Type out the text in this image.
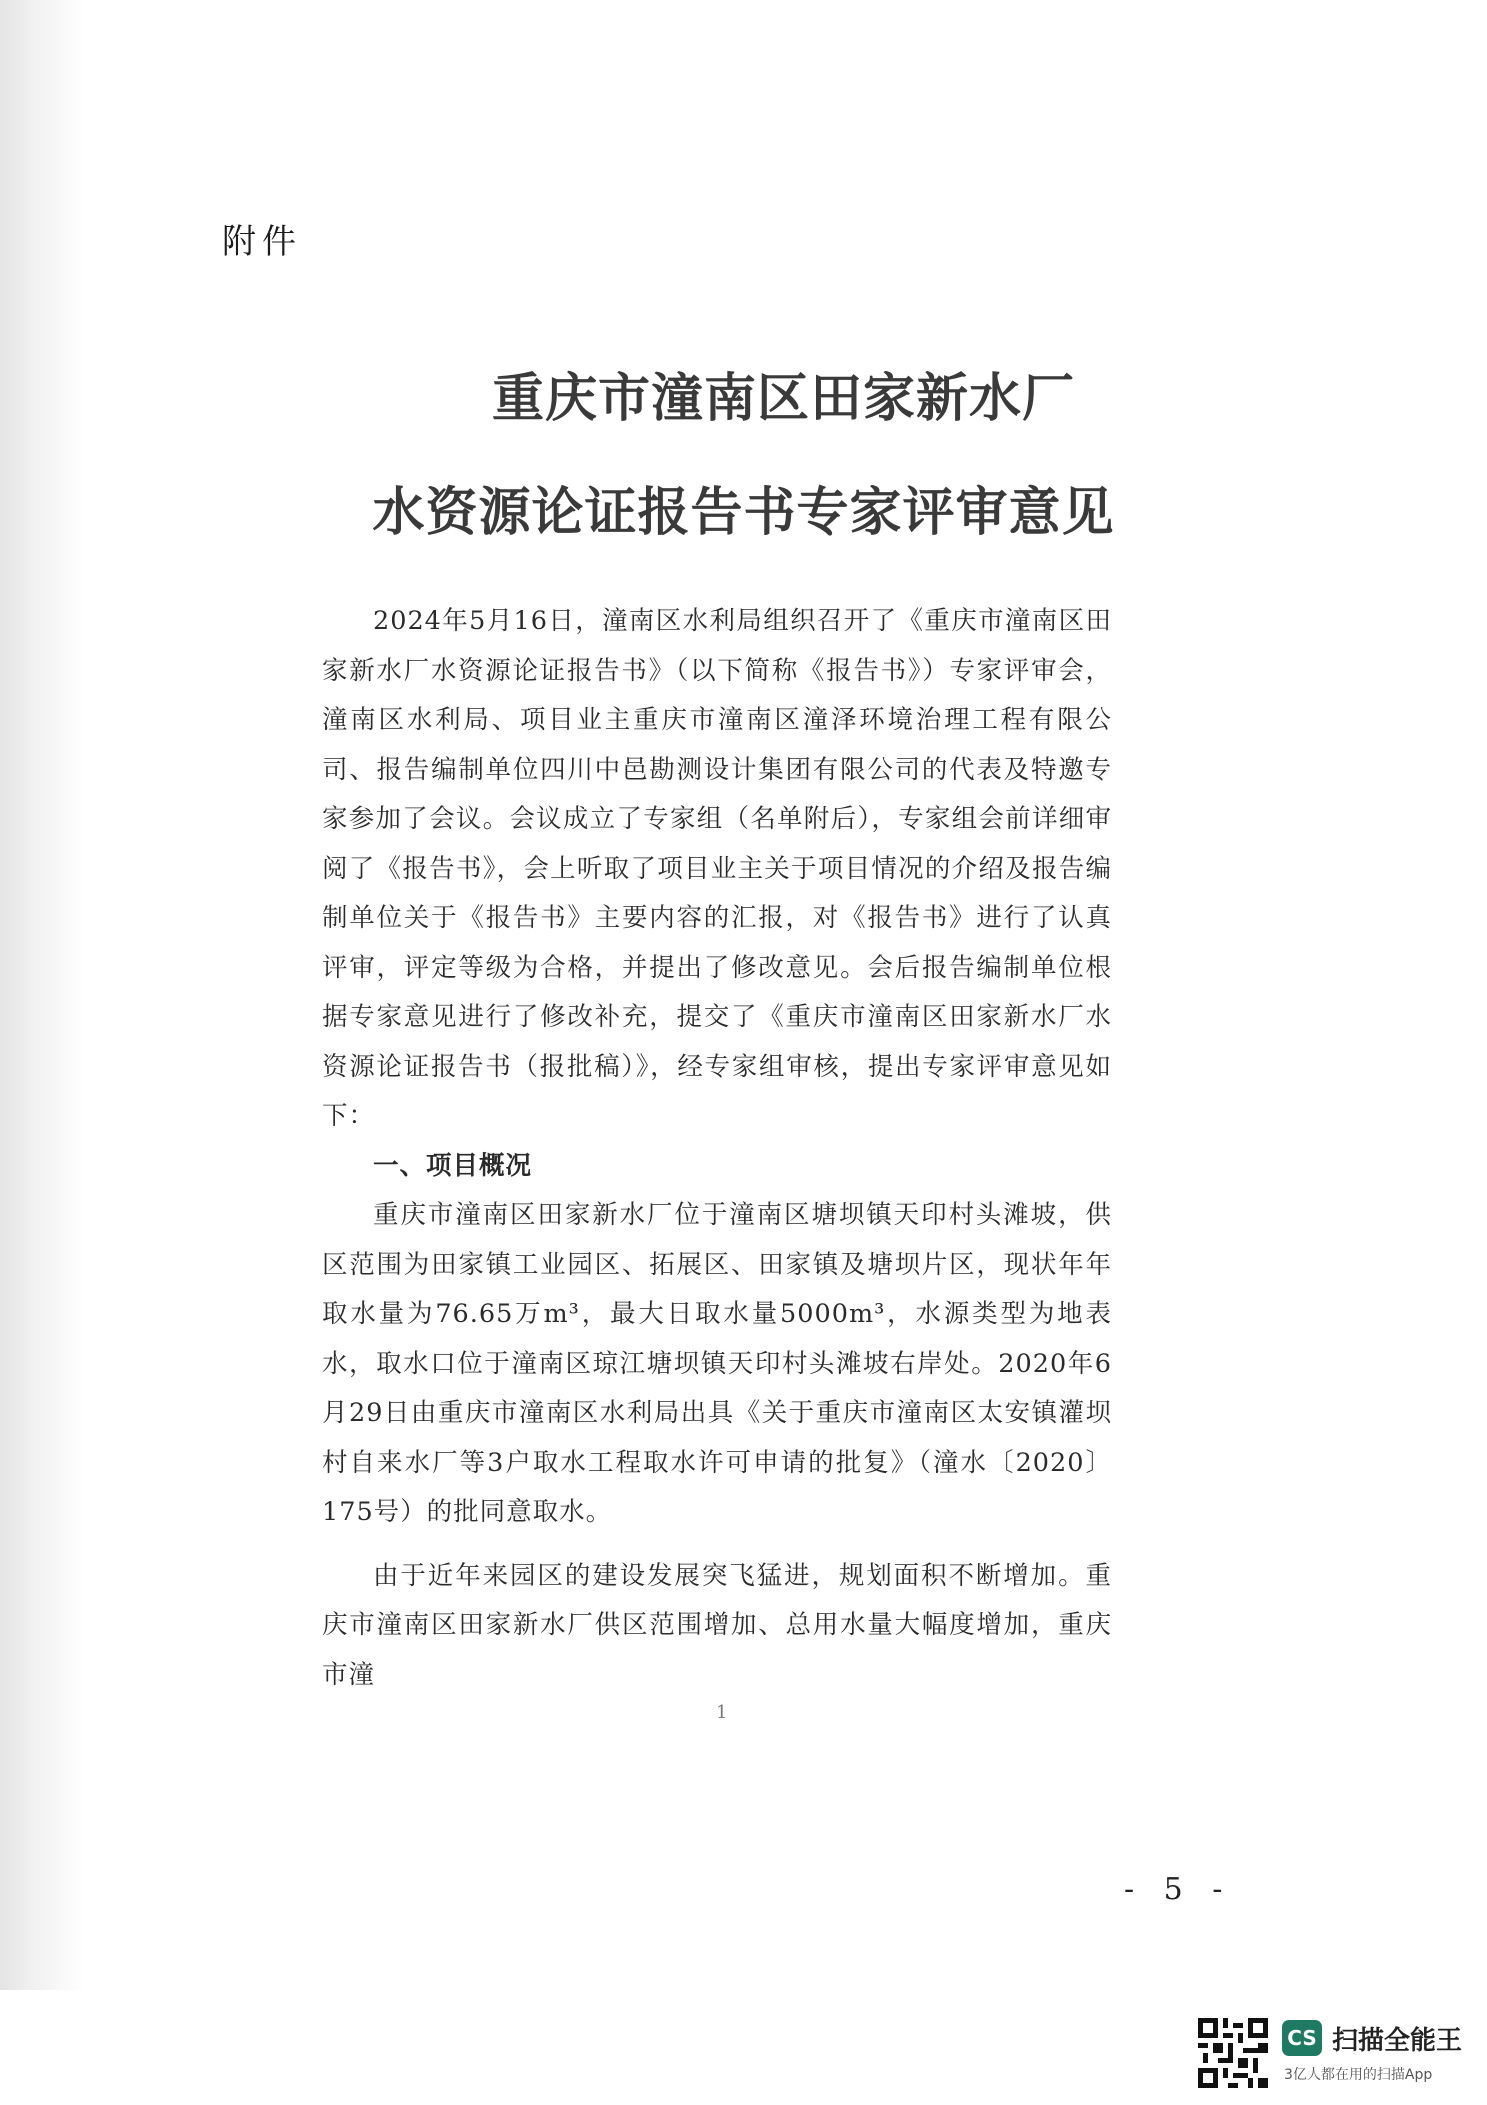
附件
重庆市潼南区田家新水厂
水资源论证报告书专家评审意见

2024年5月16日，潼南区水利局组织召开了《重庆市潼南区田家新水厂水资源论证报告书》（以下简称《报告书》）专家评审会，潼南区水利局、项目业主重庆市潼南区潼泽环境治理工程有限公司、报告编制单位四川中邑勘测设计集团有限公司的代表及特邀专家参加了会议。会议成立了专家组（名单附后），专家组会前详细审阅了《报告书》，会上听取了项目业主关于项目情况的介绍及报告编制单位关于《报告书》主要内容的汇报，对《报告书》进行了认真评审，评定等级为合格，并提出了修改意见。会后报告编制单位根据专家意见进行了修改补充，提交了《重庆市潼南区田家新水厂水资源论证报告书（报批稿）》，经专家组审核，提出专家评审意见如下：

一、项目概况

重庆市潼南区田家新水厂位于潼南区塘坝镇天印村头滩坡，供区范围为田家镇工业园区、拓展区、田家镇及塘坝片区，现状年年取水量为76.65万m³，最大日取水量5000m³，水源类型为地表水，取水口位于潼南区琼江塘坝镇天印村头滩坡右岸处。2020年6月29日由重庆市潼南区水利局出具《关于重庆市潼南区太安镇灌坝村自来水厂等3户取水工程取水许可申请的批复》（潼水〔2020〕175号）的批同意取水。

由于近年来园区的建设发展突飞猛进，规划面积不断增加。重庆市潼南区田家新水厂供区范围增加、总用水量大幅度增加，重庆市潼

1
- 5 -
CS 扫描全能王
3亿人都在用的扫描App
